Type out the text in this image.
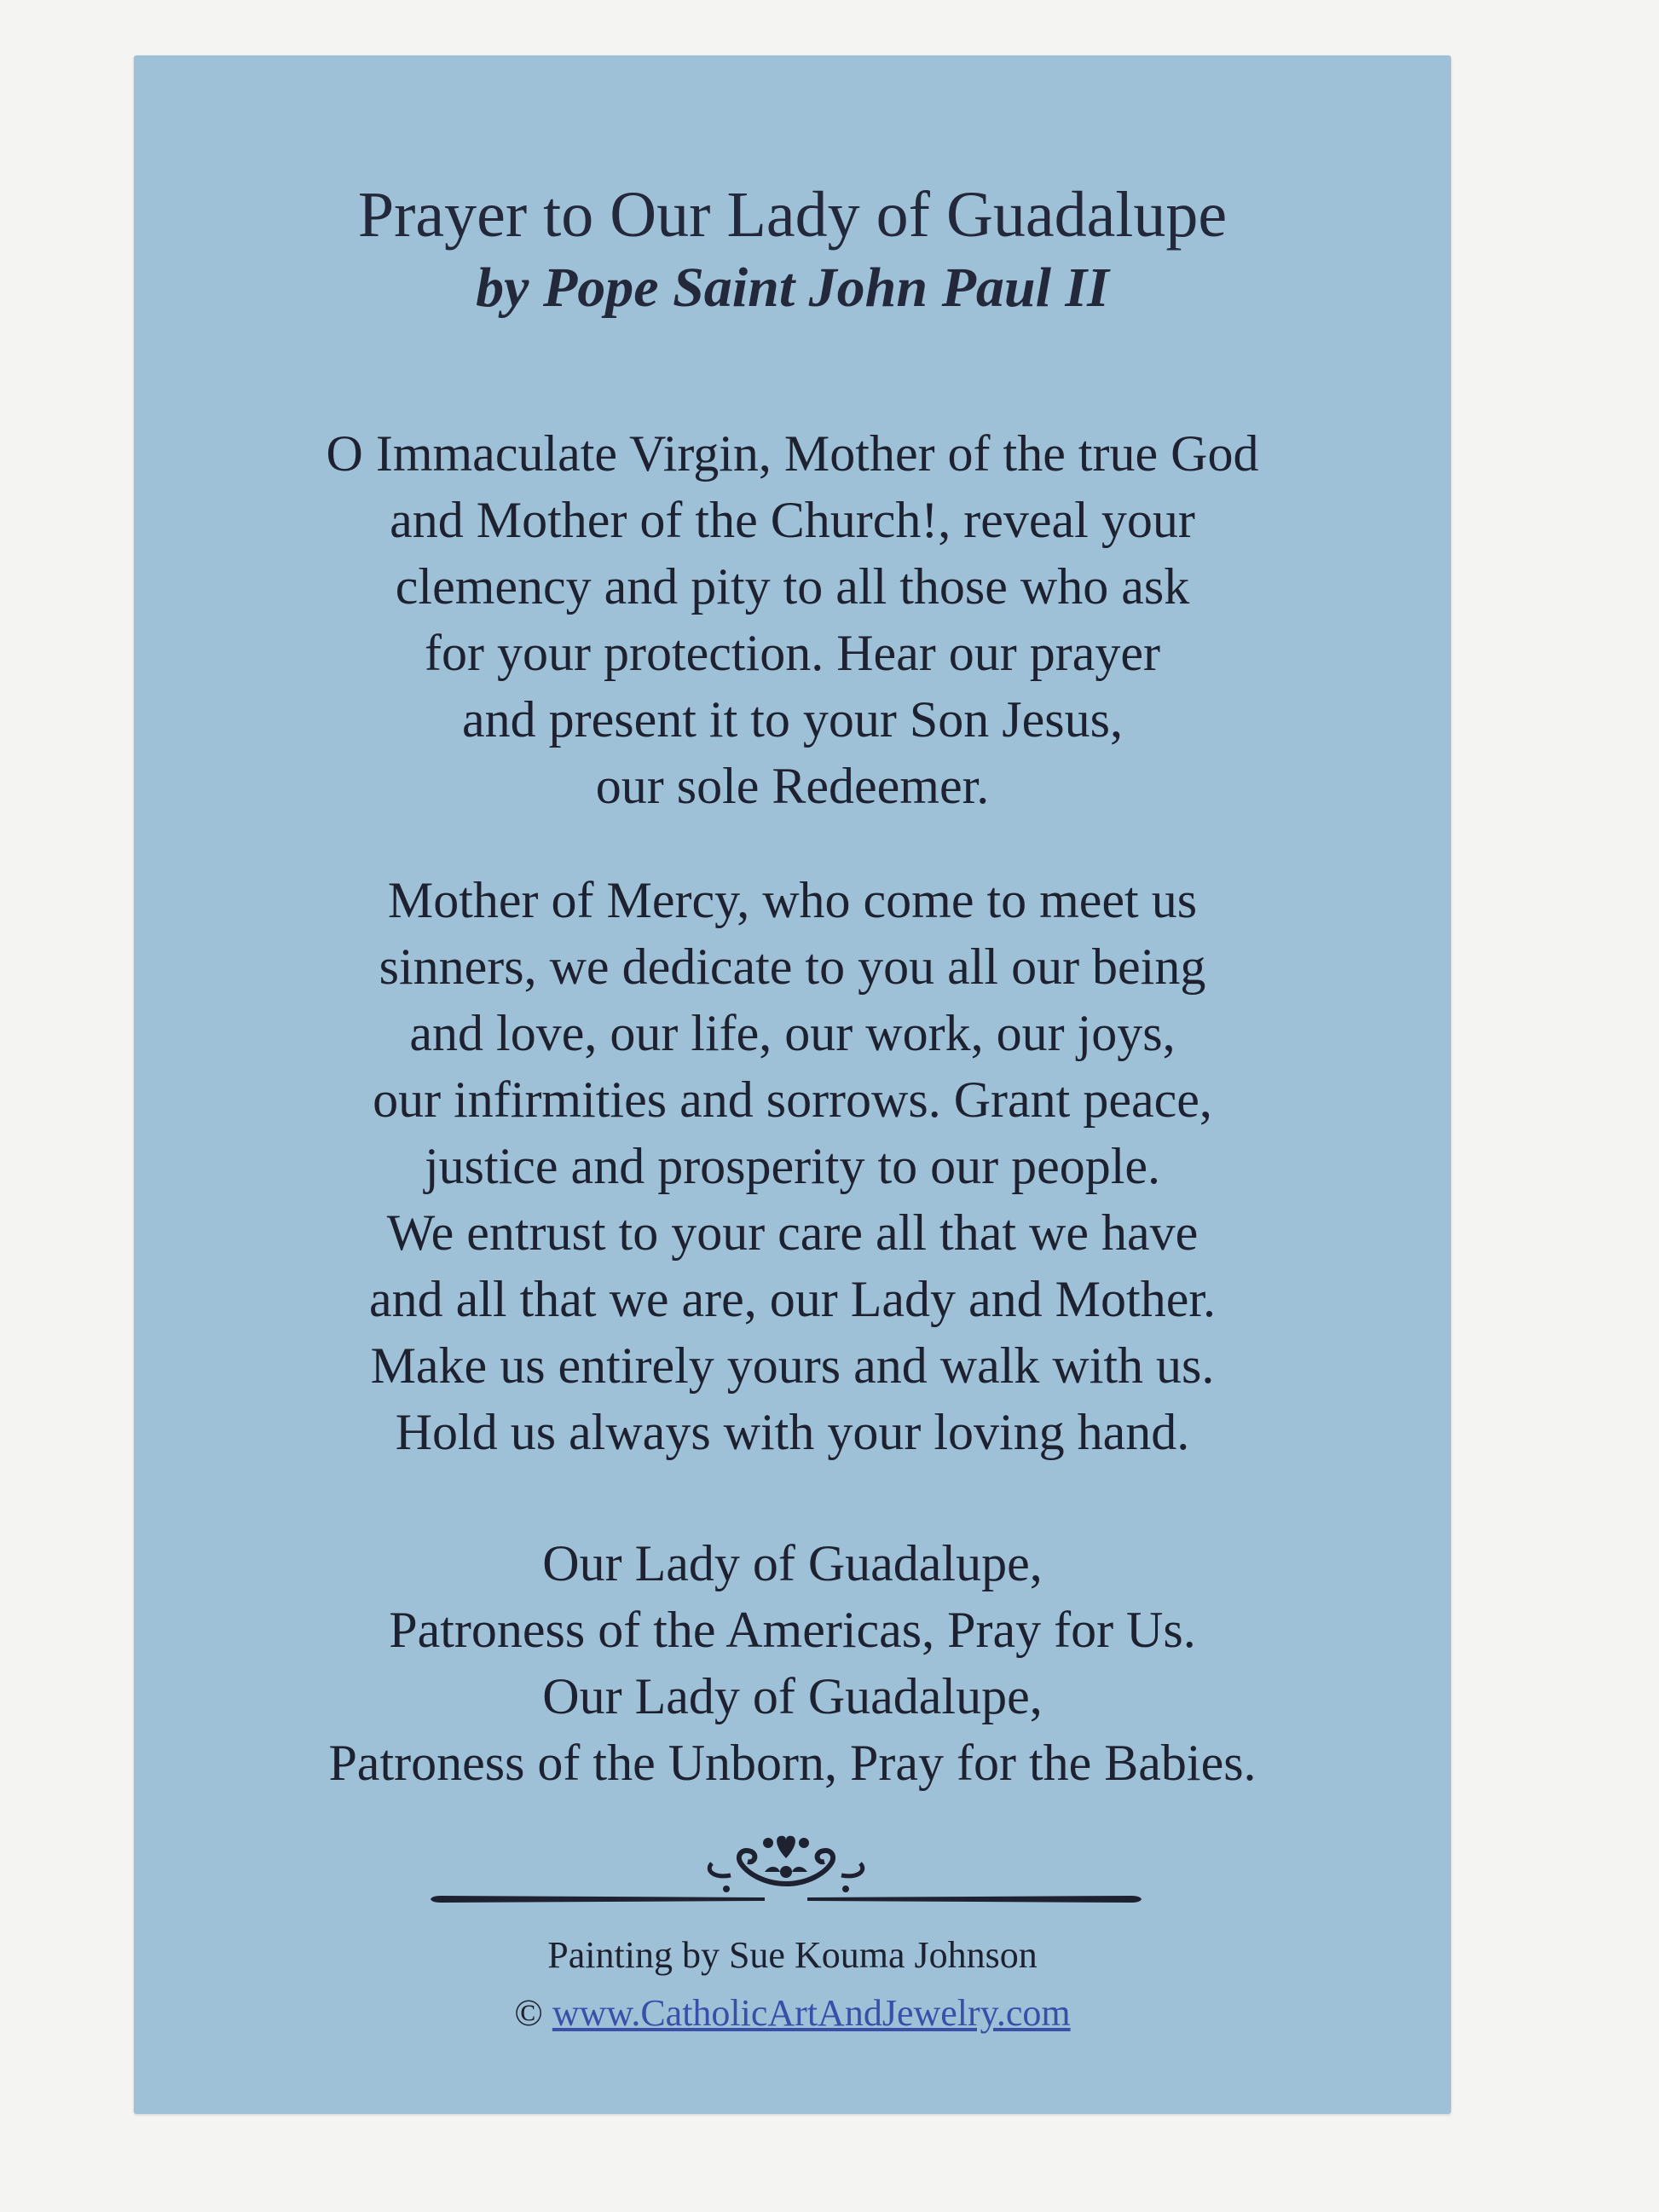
Prayer to Our Lady of Guadalupe
by Pope Saint John Paul II

O Immaculate Virgin, Mother of the true God
and Mother of the Church!, reveal your
clemency and pity to all those who ask
for your protection. Hear our prayer
and present it to your Son Jesus,
our sole Redeemer.

Mother of Mercy, who come to meet us
sinners, we dedicate to you all our being
and love, our life, our work, our joys,
our infirmities and sorrows. Grant peace,
justice and prosperity to our people.
We entrust to your care all that we have
and all that we are, our Lady and Mother.
Make us entirely yours and walk with us.
Hold us always with your loving hand.

Our Lady of Guadalupe,
Patroness of the Americas, Pray for Us.
Our Lady of Guadalupe,
Patroness of the Unborn, Pray for the Babies.

Painting by Sue Kouma Johnson

© www.CatholicArtAndJewelry.com
